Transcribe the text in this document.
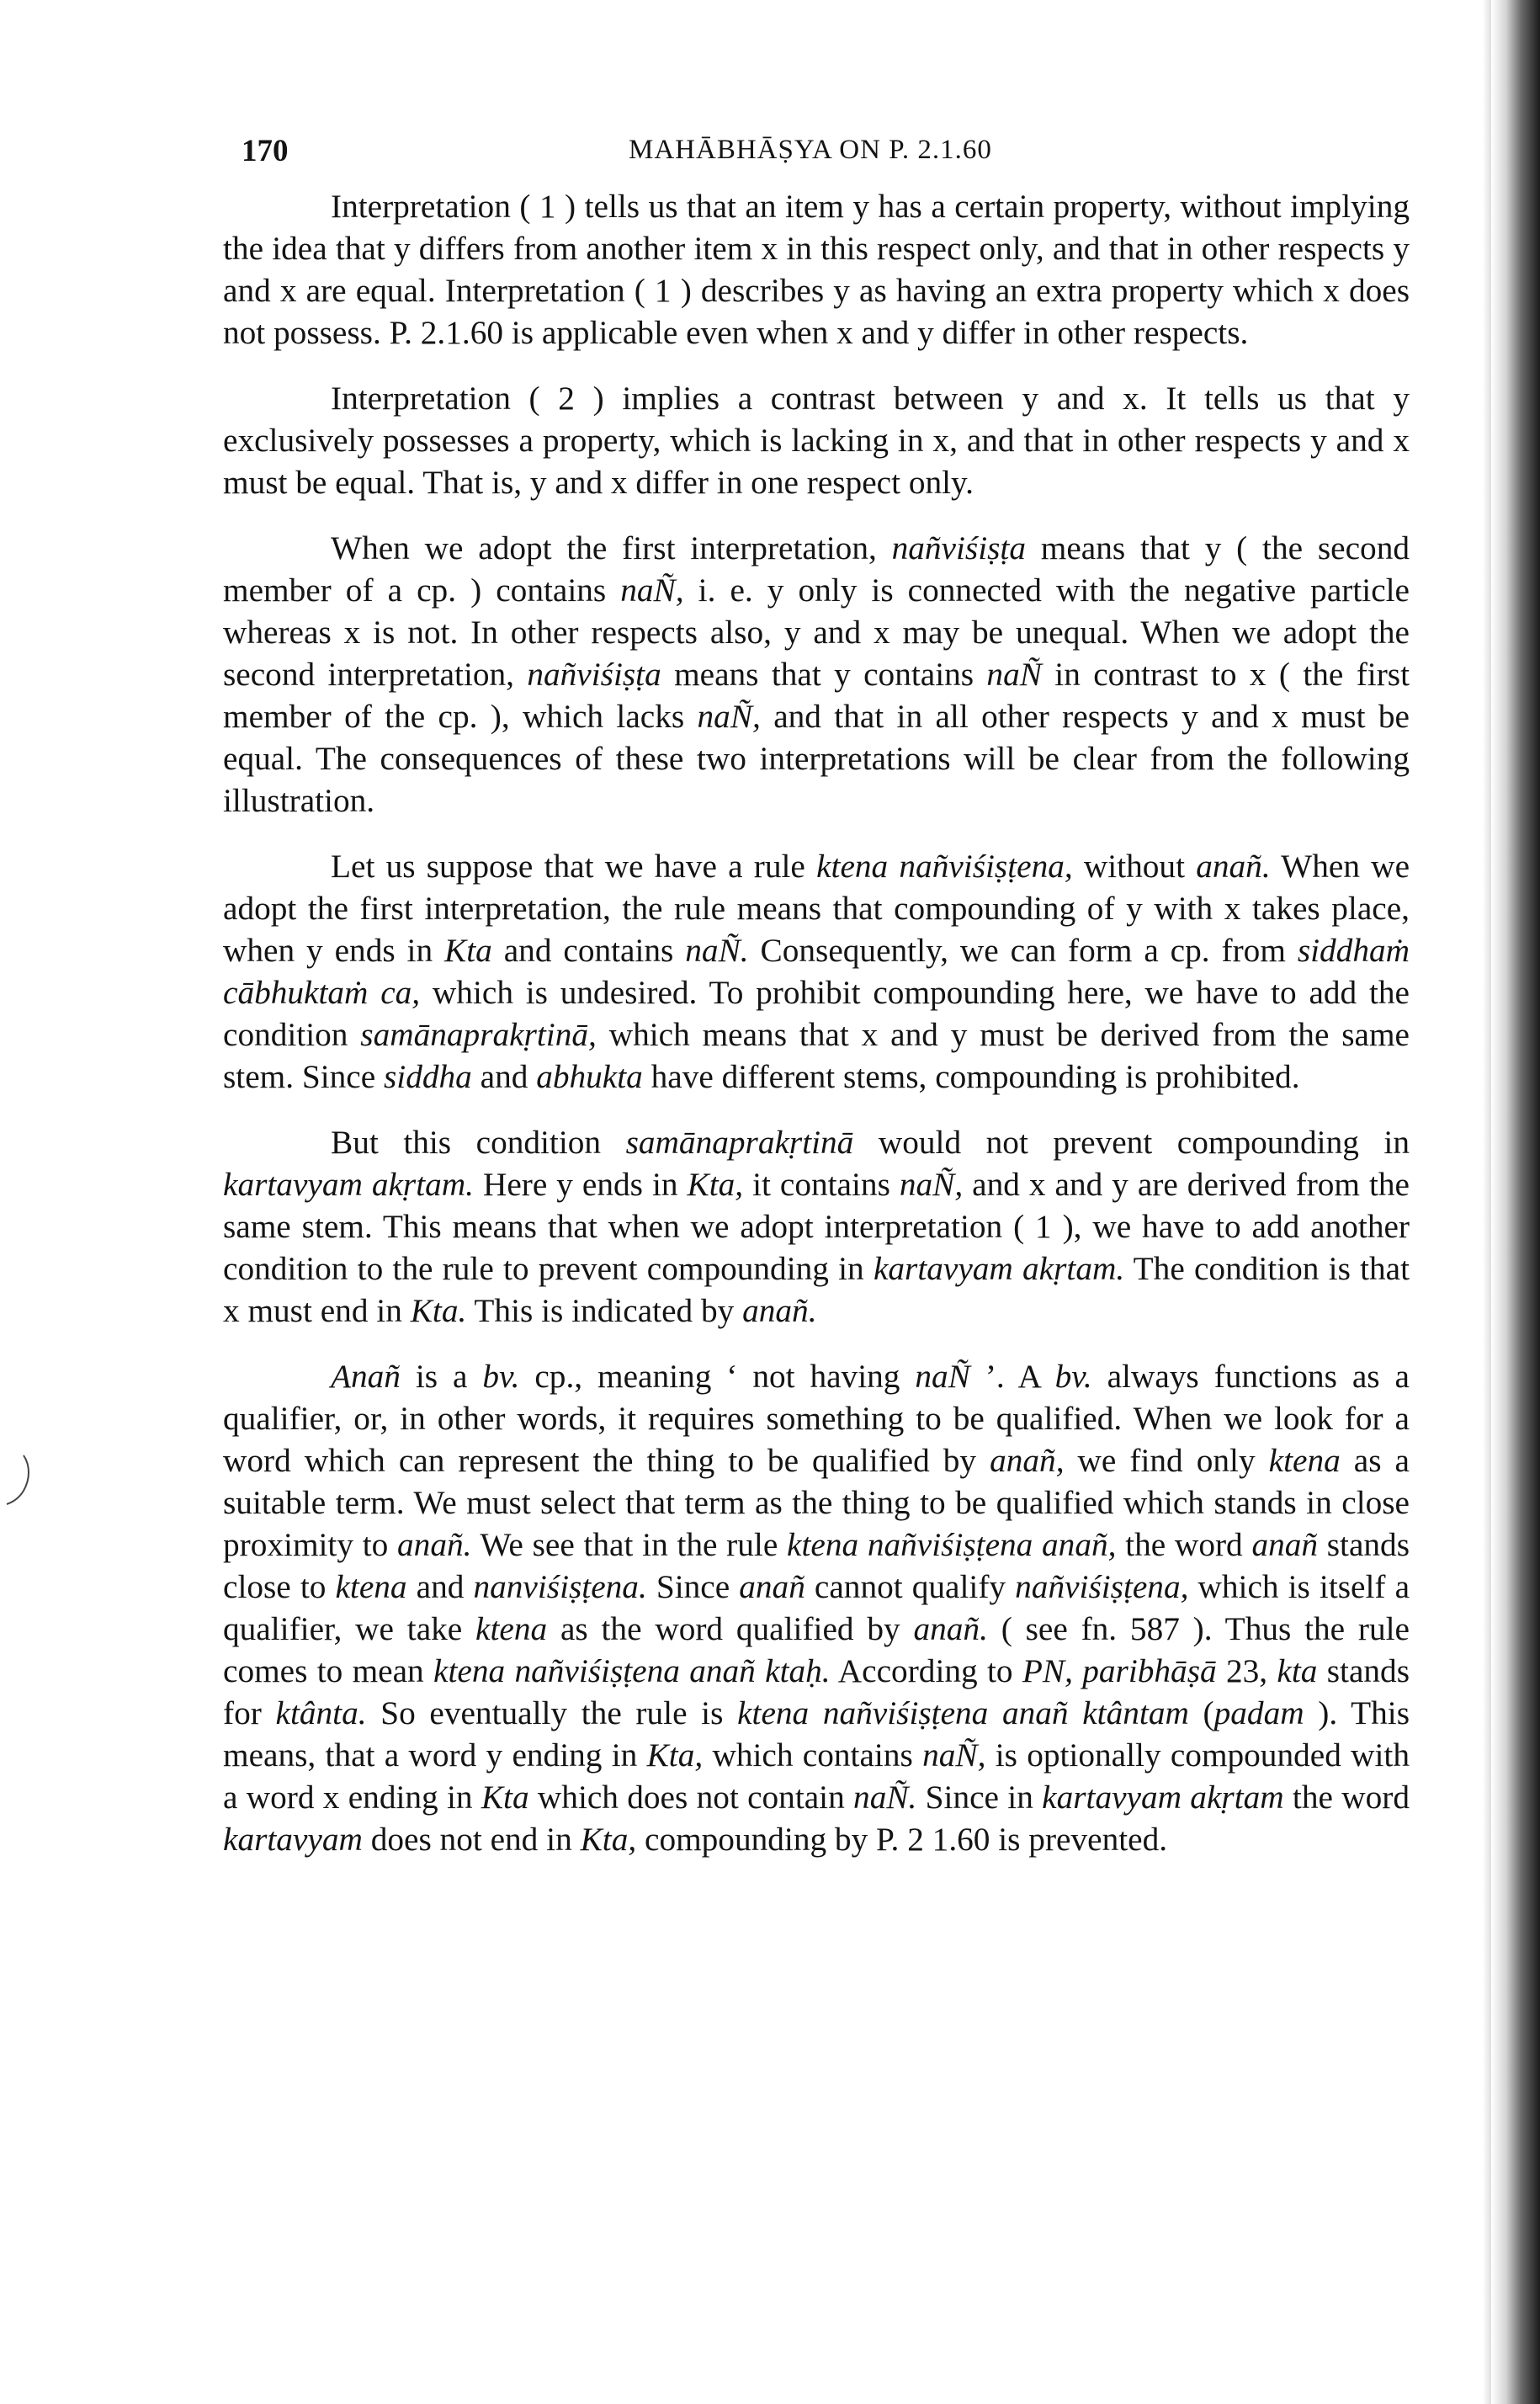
170	MAHĀBHĀṢYA ON P. 2.1.60

Interpretation ( 1 ) tells us that an item y has a certain property, without implying the idea that y differs from another item x in this respect only, and that in other respects y and x are equal. Interpretation ( 1 ) describes y as having an extra property which x does not possess. P. 2.1.60 is applicable even when x and y differ in other respects.

Interpretation ( 2 ) implies a contrast between y and x. It tells us that y exclusively possesses a property, which is lacking in x, and that in other respects y and x must be equal. That is, y and x differ in one respect only.

When we adopt the first interpretation, nañviśiṣṭa means that y ( the second member of a cp. ) contains naÑ, i. e. y only is connected with the negative particle whereas x is not. In other respects also, y and x may be unequal. When we adopt the second interpretation, nañviśiṣṭa means that y contains naÑ in contrast to x ( the first member of the cp. ), which lacks naÑ, and that in all other respects y and x must be equal. The consequences of these two interpretations will be clear from the following illustration.

Let us suppose that we have a rule ktena nañviśiṣṭena, without anañ. When we adopt the first interpretation, the rule means that compounding of y with x takes place, when y ends in Kta and contains naÑ. Consequently, we can form a cp. from siddhaṁ cābhuktaṁ ca, which is undesired. To prohibit compounding here, we have to add the condition samānaprakṛtinā, which means that x and y must be derived from the same stem. Since siddha and abhukta have different stems, compounding is prohibited.

But this condition samānaprakṛtinā would not prevent compounding in kartavyam akṛtam. Here y ends in Kta, it contains naÑ, and x and y are derived from the same stem. This means that when we adopt interpretation ( 1 ), we have to add another condition to the rule to prevent compounding in kartavyam akṛtam. The condition is that x must end in Kta. This is indicated by anañ.

Anañ is a bv. cp., meaning ‘ not having naÑ ’. A bv. always functions as a qualifier, or, in other words, it requires something to be qualified. When we look for a word which can represent the thing to be qualified by anañ, we find only ktena as a suitable term. We must select that term as the thing to be qualified which stands in close proximity to anañ. We see that in the rule ktena nañviśiṣṭena anañ, the word anañ stands close to ktena and nanviśiṣṭena. Since anañ cannot qualify nañviśiṣṭena, which is itself a qualifier, we take ktena as the word qualified by anañ. ( see fn. 587 ). Thus the rule comes to mean ktena nañviśiṣṭena anañ ktaḥ. According to PN, paribhāṣā 23, kta stands for ktânta. So eventually the rule is ktena nañviśiṣṭena anañ ktântam (padam ). This means, that a word y ending in Kta, which contains naÑ, is optionally compounded with a word x ending in Kta which does not contain naÑ. Since in kartavyam akṛtam the word kartavyam does not end in Kta, compounding by P. 2 1.60 is prevented.
